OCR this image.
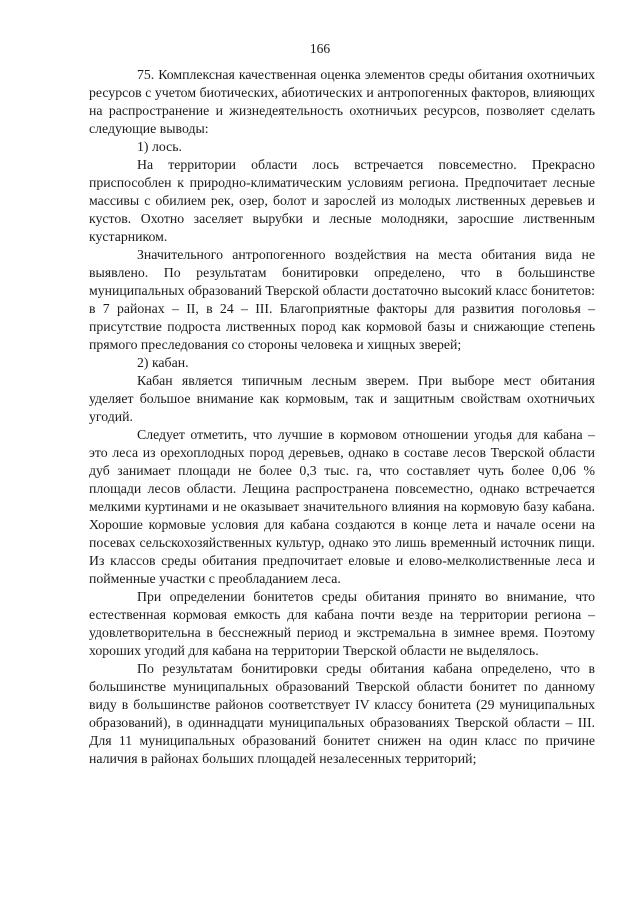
166

75. Комплексная качественная оценка элементов среды обитания охотничьих ресурсов с учетом биотических, абиотических и антропогенных факторов, влияющих на распространение и жизнедеятельность охотничьих ресурсов, позволяет сделать следующие выводы:

1) лось.

На территории области лось встречается повсеместно. Прекрасно приспособлен к природно-климатическим условиям региона. Предпочитает лесные массивы с обилием рек, озер, болот и зарослей из молодых лиственных деревьев и кустов. Охотно заселяет вырубки и лесные молодняки, заросшие лиственным кустарником.

Значительного антропогенного воздействия на места обитания вида не выявлено. По результатам бонитировки определено, что в большинстве муниципальных образований Тверской области достаточно высокий класс бонитетов: в 7 районах – II, в 24 – III. Благоприятные факторы для развития поголовья – присутствие подроста лиственных пород как кормовой базы и снижающие степень прямого преследования со стороны человека и хищных зверей;

2) кабан.

Кабан является типичным лесным зверем. При выборе мест обитания уделяет большое внимание как кормовым, так и защитным свойствам охотничьих угодий.

Следует отметить, что лучшие в кормовом отношении угодья для кабана – это леса из орехоплодных пород деревьев, однако в составе лесов Тверской области дуб занимает площади не более 0,3 тыс. га, что составляет чуть более 0,06 % площади лесов области. Лещина распространена повсеместно, однако встречается мелкими куртинами и не оказывает значительного влияния на кормовую базу кабана. Хорошие кормовые условия для кабана создаются в конце лета и начале осени на посевах сельскохозяйственных культур, однако это лишь временный источник пищи. Из классов среды обитания предпочитает еловые и елово-мелколиственные леса и пойменные участки с преобладанием леса.

При определении бонитетов среды обитания принято во внимание, что естественная кормовая емкость для кабана почти везде на территории региона – удовлетворительна в бесснежный период и экстремальна в зимнее время. Поэтому хороших угодий для кабана на территории Тверской области не выделялось.

По результатам бонитировки среды обитания кабана определено, что в большинстве муниципальных образований Тверской области бонитет по данному виду в большинстве районов соответствует IV классу бонитета (29 муниципальных образований), в одиннадцати муниципальных образованиях Тверской области – III. Для 11 муниципальных образований бонитет снижен на один класс по причине наличия в районах больших площадей незалесенных территорий;
